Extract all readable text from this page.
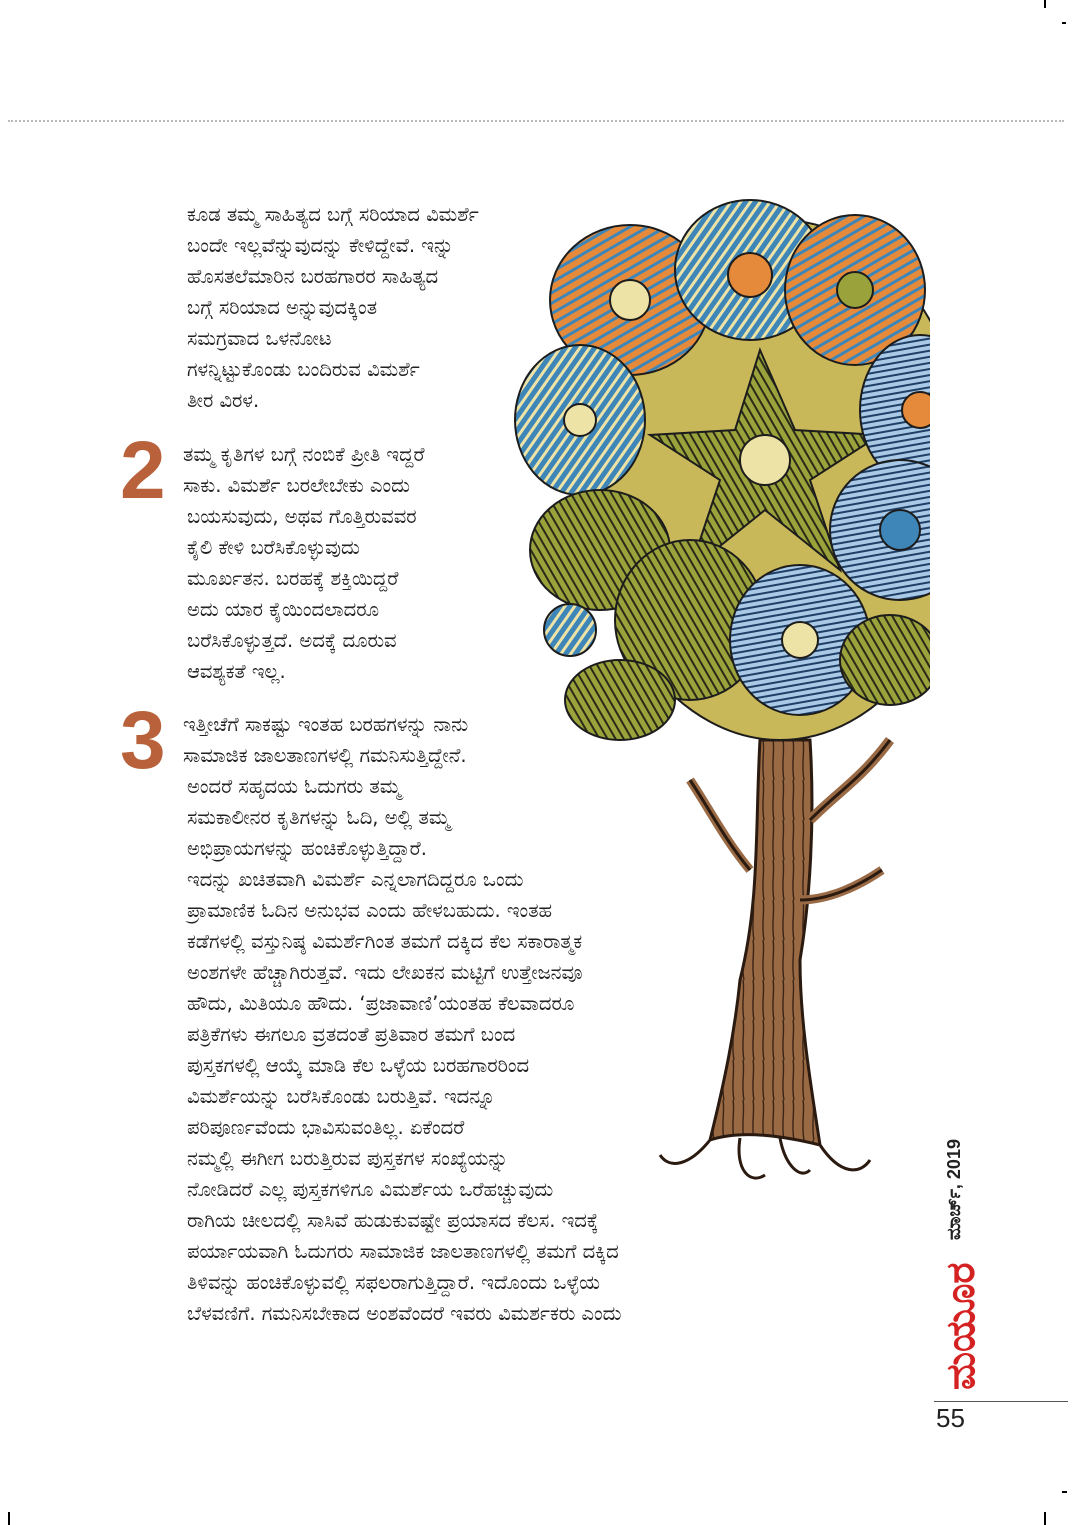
ಕೂಡ ತಮ್ಮ ಸಾಹಿತ್ಯದ ಬಗ್ಗೆ ಸರಿಯಾದ ವಿಮರ್ಶೆ
ಬಂದೇ ಇಲ್ಲವೆನ್ನುವುದನ್ನು ಕೇಳಿದ್ದೇವೆ. ಇನ್ನು
ಹೊಸತಲೆಮಾರಿನ ಬರಹಗಾರರ ಸಾಹಿತ್ಯದ
ಬಗ್ಗೆ ಸರಿಯಾದ ಅನ್ನುವುದಕ್ಕಿಂತ
ಸಮಗ್ರವಾದ ಒಳನೋಟ
ಗಳನ್ನಿಟ್ಟುಕೊಂಡು ಬಂದಿರುವ ವಿಮರ್ಶೆ
ತೀರ ವಿರಳ.
2 ತಮ್ಮ ಕೃತಿಗಳ ಬಗ್ಗೆ ನಂಬಿಕೆ ಪ್ರೀತಿ ಇದ್ದರೆ
ಸಾಕು. ವಿಮರ್ಶೆ ಬರಲೇಬೇಕು ಎಂದು
ಬಯಸುವುದು, ಅಥವ ಗೊತ್ತಿರುವವರ
ಕೈಲಿ ಕೇಳಿ ಬರೆಸಿಕೊಳ್ಳುವುದು
ಮೂರ್ಖತನ. ಬರಹಕ್ಕೆ ಶಕ್ತಿಯಿದ್ದರೆ
ಅದು ಯಾರ ಕೈಯಿಂದಲಾದರೂ
ಬರೆಸಿಕೊಳ್ಳುತ್ತದೆ. ಅದಕ್ಕೆ ದೂರುವ
ಆವಶ್ಯಕತೆ ಇಲ್ಲ.
3 ಇತ್ತೀಚೆಗೆ ಸಾಕಷ್ಟು ಇಂತಹ ಬರಹಗಳನ್ನು ನಾನು
ಸಾಮಾಜಿಕ ಜಾಲತಾಣಗಳಲ್ಲಿ ಗಮನಿಸುತ್ತಿದ್ದೇನೆ.
ಅಂದರೆ ಸಹೃದಯ ಓದುಗರು ತಮ್ಮ
ಸಮಕಾಲೀನರ ಕೃತಿಗಳನ್ನು ಓದಿ, ಅಲ್ಲಿ ತಮ್ಮ
ಅಭಿಪ್ರಾಯಗಳನ್ನು ಹಂಚಿಕೊಳ್ಳುತ್ತಿದ್ದಾರೆ.
ಇದನ್ನು ಖಚಿತವಾಗಿ ವಿಮರ್ಶೆ ಎನ್ನಲಾಗದಿದ್ದರೂ ಒಂದು
ಪ್ರಾಮಾಣಿಕ ಓದಿನ ಅನುಭವ ಎಂದು ಹೇಳಬಹುದು. ಇಂತಹ
ಕಡೆಗಳಲ್ಲಿ ವಸ್ತುನಿಷ್ಠ ವಿಮರ್ಶೆಗಿಂತ ತಮಗೆ ದಕ್ಕಿದ ಕೆಲ ಸಕಾರಾತ್ಮಕ
ಅಂಶಗಳೇ ಹೆಚ್ಚಾಗಿರುತ್ತವೆ. ಇದು ಲೇಖಕನ ಮಟ್ಟಿಗೆ ಉತ್ತೇಜನವೂ
ಹೌದು, ಮಿತಿಯೂ ಹೌದು. ‘ಪ್ರಜಾವಾಣಿ’ಯಂತಹ ಕೆಲವಾದರೂ
ಪತ್ರಿಕೆಗಳು ಈಗಲೂ ವ್ರತದಂತೆ ಪ್ರತಿವಾರ ತಮಗೆ ಬಂದ
ಪುಸ್ತಕಗಳಲ್ಲಿ ಆಯ್ಕೆ ಮಾಡಿ ಕೆಲ ಒಳ್ಳೆಯ ಬರಹಗಾರರಿಂದ
ವಿಮರ್ಶೆಯನ್ನು ಬರೆಸಿಕೊಂಡು ಬರುತ್ತಿವೆ. ಇದನ್ನೂ
ಪರಿಪೂರ್ಣವೆಂದು ಭಾವಿಸುವಂತಿಲ್ಲ. ಏಕೆಂದರೆ
ನಮ್ಮಲ್ಲಿ ಈಗೀಗ ಬರುತ್ತಿರುವ ಪುಸ್ತಕಗಳ ಸಂಖ್ಯೆಯನ್ನು
ನೋಡಿದರೆ ಎಲ್ಲ ಪುಸ್ತಕಗಳಿಗೂ ವಿಮರ್ಶೆಯ ಒರೆಹಚ್ಚುವುದು
ರಾಗಿಯ ಚೀಲದಲ್ಲಿ ಸಾಸಿವೆ ಹುಡುಕುವಷ್ಟೇ ಪ್ರಯಾಸದ ಕೆಲಸ. ಇದಕ್ಕೆ
ಪರ್ಯಾಯವಾಗಿ ಓದುಗರು ಸಾಮಾಜಿಕ ಜಾಲತಾಣಗಳಲ್ಲಿ ತಮಗೆ ದಕ್ಕಿದ
ತಿಳಿವನ್ನು ಹಂಚಿಕೊಳ್ಳುವಲ್ಲಿ ಸಫಲರಾಗುತ್ತಿದ್ದಾರೆ. ಇದೊಂದು ಒಳ್ಳೆಯ
ಬೆಳವಣಿಗೆ. ಗಮನಿಸಬೇಕಾದ ಅಂಶವೆಂದರೆ ಇವರು ವಿಮರ್ಶಕರು ಎಂದು
ಮಾರ್ಚ್, 2019
ಮಯೂರ
55
